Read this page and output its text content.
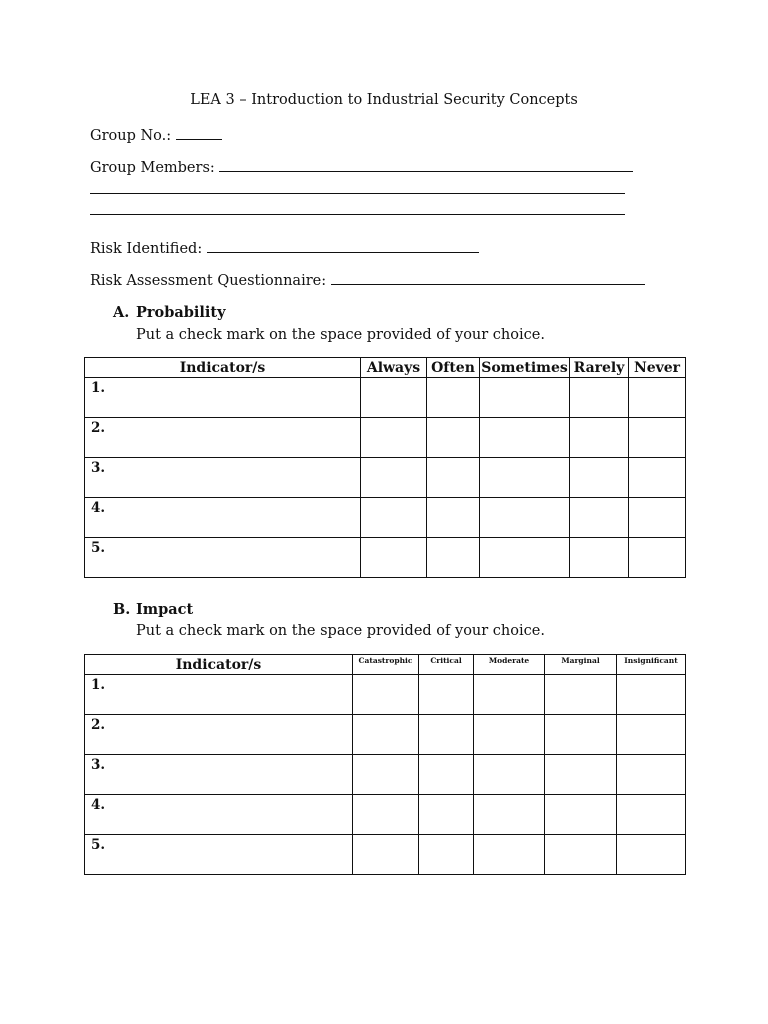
LEA 3 – Introduction to Industrial Security Concepts
Group No.:
Group Members:
Risk Identified:
Risk Assessment Questionnaire:
A. Probability
Put a check mark on the space provided of your choice.
Indicator/s	Always	Often	Sometimes	Rarely	Never
1.					
2.					
3.					
4.					
5.					
B. Impact
Put a check mark on the space provided of your choice.
Indicator/s	Catastrophic	Critical	Moderate	Marginal	Insignificant
1.					
2.					
3.					
4.					
5.					
